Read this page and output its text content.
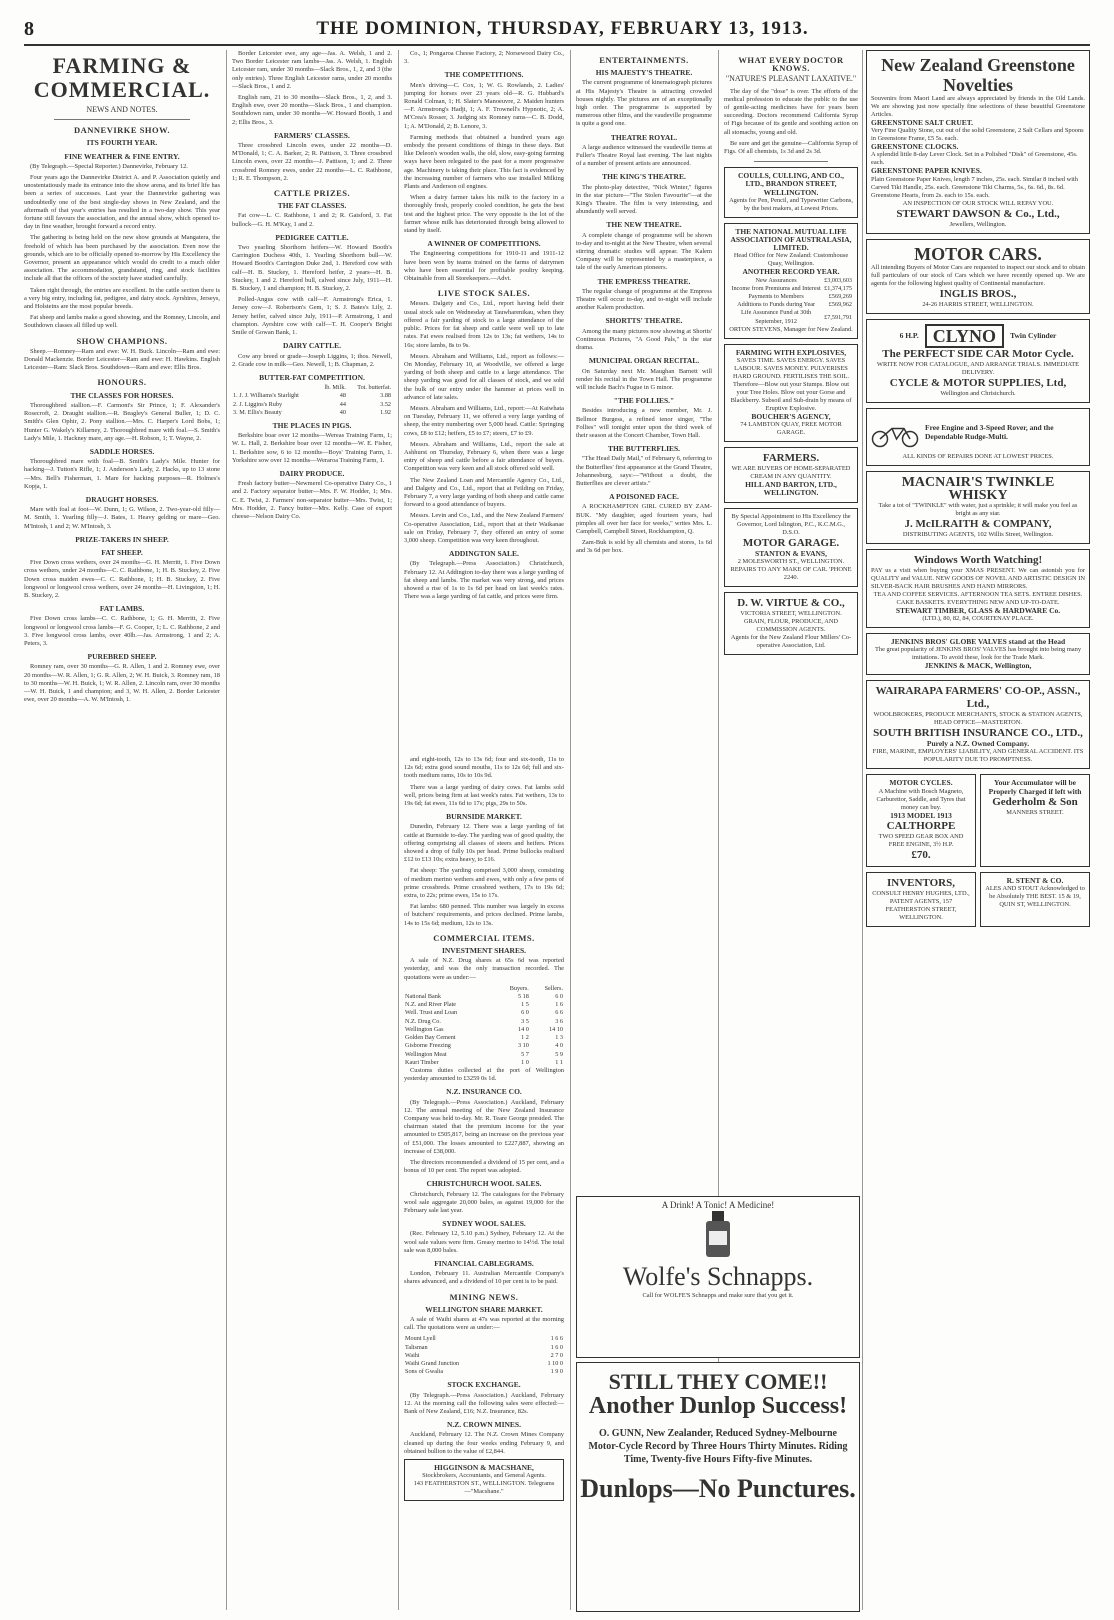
8	THE DOMINION, THURSDAY, FEBRUARY 13, 1913.
FARMING & COMMERCIAL.
NEWS AND NOTES.
DANNEVIRKE SHOW.
ITS FOURTH YEAR.
FINE WEATHER & FINE ENTRY.

(By Telegraph.—Special Reporter.) Dannevirke, February 12.

Four years ago the Dannevirke District A. and P. Association quietly and unostentatiously made its entrance into the show arena, and its brief life has been a series of successes. Last year the Dannevirke gathering was undoubtedly one of the best single-day shows in New Zealand, and the aftermath of that year's entries has resulted in a two-day show. This year fortune still favours the association, and the annual show, which opened to-day in fine weather, brought forward a record entry.

The gathering is being held on the new show grounds at Mangatera, the freehold of which has been purchased by the association. Even now the grounds, which are to be officially opened to-morrow by His Excellency the Governor, present an appearance which would do credit to a much older association. The accommodation, grandstand, ring, and stock facilities include all that the officers of the society have studied carefully.

Taken right through, the entries are excellent. In the cattle section there is a very big entry, including fat, pedigree, and dairy stock. Ayrshires, Jerseys, and Holsteins are the most popular breeds.

Fat sheep and lambs make a good showing, and the Romney, Lincoln, and Southdown classes all filled up well.

SHOW CHAMPIONS.

Sheep.—Romney—Ram and ewe: W. H. Buck. Lincoln—Ram and ewe: Donald Mackenzie. Border Leicester—Ram and ewe: H. Hawkins. English Leicester—Ram: Slack Bros. Southdown—Ram and ewe: Ellis Bros.

HONOURS.
THE CLASSES FOR HORSES.

Thoroughbred stallion.—F. Carmont's Sir Prince, 1; F. Alexander's Rosecroft, 2. Draught stallion.—R. Beagley's General Buller, 1; D. C. Smith's Glen Ophir, 2. Pony stallion.—Mrs. C. Harper's Lord Bobs, 1; Hunter G. Wakely's Killarney, 2. Thoroughbred mare with foal.—S. Smith's Lady's Mile, 1. Hackney mare, any age.—H. Robson, 1; T. Wayne, 2.

SADDLE HORSES.

Thoroughbred mare with foal—B. Smith's Lady's Mile. Hunter for hacking—J. Tutton's Rifle, 1; J. Anderson's Lady, 2. Hacks, up to 13 stone—Mrs. Bell's Fisherman, 1. Mare for hacking purposes—R. Holmes's Kopja, 1.

DRAUGHT HORSES.

Mare with foal at foot—W. Dunn, 1; G. Wilson, 2. Two-year-old filly—M. Smith, 1. Yearling filly—J. Bates, 1. Heavy gelding or mare—Geo. M'Intosh, 1 and 2; W. M'Intosh, 3.

PRIZE-TAKERS IN SHEEP.
FAT SHEEP.

Five Down cross wethers, over 24 months—G. H. Merritt, 1. Five Down cross wethers, under 24 months—C. C. Rathbone, 1; H. B. Stuckey, 2. Five Down cross maiden ewes—C. C. Rathbone, 1; H. B. Stuckey, 2. Five longwool or longwool cross wethers, over 24 months—H. Livingston, 1; H. B. Stuckey, 2.

FAT LAMBS.

Five Down cross lambs—C. C. Rathbone, 1; G. H. Merritt, 2. Five longwool or longwool cross lambs—F. G. Cooper, 1; L. C. Rathbone, 2 and 3. Five longwool cross lambs, over 40lb.—Jas. Armstrong, 1 and 2; A. Peters, 3.

PUREBRED SHEEP.

Romney ram, over 30 months—G. R. Allen, 1 and 2. Romney ewe, over 20 months—W. R. Allen, 1; G. R. Allen, 2; W. H. Buick, 3. Romney ram, 18 to 30 months—W. H. Buick, 1; W. R. Allen, 2. Lincoln ram, over 30 months—W. H. Buick, 1 and champion; and 3, W. H. Allen, 2. Border Leicester ewe, over 20 months—A. W. M'Intosh, 1.

Border Leicester ewe, any age—Jas. A. Welsh, 1 and 2. Two Border Leicester ram lambs—Jas. A. Welsh, 1. English Leicester ram, under 30 months—Slack Bros., 1, 2, and 3 (the only entries). Three English Leicester rams, under 20 months—Slack Bros., 1 and 2.

English ram, 21 to 30 months—Slack Bros., 1, 2, and 3. English ewe, over 20 months—Slack Bros., 1 and champion. Southdown ram, under 30 months—W. Howard Booth, 1 and 2; Ellis Bros., 3.

FARMERS' CLASSES.

Three crossbred Lincoln ewes, under 22 months—D. M'Donald, 1; C. A. Barker, 2; R. Pattison, 3. Three crossbred Lincoln ewes, over 22 months—J. Pattison, 1; and 2. Three crossbred Romney ewes, under 22 months—L. C. Rathbone, 1; R. E. Thompson, 2.

CATTLE PRIZES.
THE FAT CLASSES.

Fat cow—L. C. Rathbone, 1 and 2; R. Gaisford, 3. Fat bullock—G. H. M'Kay, 1 and 2.

PEDIGREE CATTLE.

Two yearling Shorthorn heifers—W. Howard Booth's Carrington Duchess 40th, 1. Yearling Shorthorn bull—W. Howard Booth's Carrington Duke 2nd, 1. Hereford cow with calf—H. B. Stuckey, 1. Hereford heifer, 2 years—H. B. Stuckey, 1 and 2. Hereford bull, calved since July, 1911—H. B. Stuckey, 1 and champion; H. B. Stuckey, 2.

Polled-Angus cow with calf—F. Armstrong's Erica, 1. Jersey cow—J. Robertson's Gem, 1; S. J. Bates's Lily, 2. Jersey heifer, calved since July, 1911—P. Armstrong, 1 and champion. Ayrshire cow with calf—T. H. Cooper's Bright Smile of Gowan Bank, 1.

DAIRY CATTLE.

Cow any breed or grade—Joseph Liggins, 1; thos. Newell, 2. Grade cow in milk—Geo. Newell, 1; B. Chapman, 2.

BUTTER-FAT COMPETITION.
	lb. Milk.	Tot. butterfat.
1. J. J. Williams's Starlight	48	3.88
2. J. Liggins's Ruby	44	3.52
3. M. Ellis's Beauty	40	1.92
THE PLACES IN PIGS.

Berkshire boar over 12 months—Wereas Training Farm, 1; W. L. Hall, 2. Berkshire boar over 12 months—W. E. Fisher, 1. Berkshire sow, 6 to 12 months—Boys' Training Farm, 1. Yorkshire sow over 12 months—Weraroa Training Farm, 1.

DAIRY PRODUCE.

Fresh factory butter—Newmerel Co-operative Dairy Co., 1 and 2. Factory separator butter—Mrs. F. W. Hodder, 1; Mrs. C. E. Twist, 2. Farmers' non-separator butter—Mrs. Twist, 1; Mrs. Hodder, 2. Fancy butter—Mrs. Kelly. Case of export cheese—Nelson Dairy Co.

Co., 1; Pongaroa Cheese Factory, 2; Norsewood Dairy Co., 3.

THE COMPETITIONS.

Men's driving—C. Cox, 1; W. G. Rowlands, 2. Ladies' jumping for horses over 23 years old—R. G. Hubbard's Ronald Colman, 1; H. Slater's Manoeuvre, 2. Maiden hunters—F. Armstrong's Hadji, 1; A. F. Trownell's Hypnotic, 2; A. M'Crea's Rosser, 3. Judging six Romney rams—C. B. Dodd, 1; A. M'Donald, 2; B. Lenore, 3.

Farming methods that obtained a hundred years ago embody the present conditions of things in these days. But like Deleon's wooden walls, the old, slow, easy-going farming ways have been relegated to the past for a more progressive age. Machinery is taking their place. This fact is evidenced by the increasing number of farmers who use installed Milking Plants and Anderson oil engines.

When a dairy farmer takes his milk to the factory in a thoroughly fresh, properly cooled condition, he gets the best test and the highest price. The very opposite is the lot of the farmer whose milk has deteriorated through being allowed to stand by itself.

A WINNER OF COMPETITIONS.

The Engineering competitions for 1910-11 and 1911-12 have been won by teams trained on the farms of dairymen who have been essential for profitable poultry keeping. Obtainable from all Storekeepers.—Advt.

LIVE STOCK SALES.

Messrs. Dalgety and Co., Ltd., report having held their usual stock sale on Wednesday at Tauwharenikau, when they offered a fair yarding of stock to a large attendance of the public. Prices for fat sheep and cattle were well up to late rates. Fat ewes realised from 12s to 13s; fat wethers, 14s to 16s; store lambs, 8s to 9s.

Messrs. Abraham and Williams, Ltd., report as follows:—On Monday, February 10, at Woodville, we offered a large yarding of both sheep and cattle to a large attendance. The sheep yarding was good for all classes of stock, and we sold the bulk of our entry under the hammer at prices well in advance of late sales.

Messrs. Abraham and Williams, Ltd., report:—At Kaiwhata on Tuesday, February 11, we offered a very large yarding of sheep, the entry numbering over 5,000 head. Cattle: Springing cows, £8 to £12; heifers, £5 to £7; steers, £7 to £9.

Messrs. Abraham and Williams, Ltd., report the sale at Ashhurst on Thursday, February 6, when there was a large entry of sheep and cattle before a fair attendance of buyers. Competition was very keen and all stock offered sold well.

The New Zealand Loan and Mercantile Agency Co., Ltd., and Dalgety and Co., Ltd., report that at Feilding on Friday, February 7, a very large yarding of both sheep and cattle came forward to a good attendance of buyers.

Messrs. Levin and Co., Ltd., and the New Zealand Farmers' Co-operative Association, Ltd., report that at their Waikanae sale on Friday, February 7, they offered an entry of some 3,000 sheep. Competition was very keen throughout.

ADDINGTON SALE.

(By Telegraph.—Press Association.) Christchurch, February 12. At Addington to-day there was a large yarding of fat sheep and lambs. The market was very strong, and prices showed a rise of 1s to 1s 6d per head on last week's rates. There was a large yarding of fat cattle, and prices were firm.

and eight-tooth, 12s to 13s 6d; four and six-tooth, 11s to 12s 6d; extra good sound mouths, 11s to 12s 6d; full and six-tooth medium rams, 10s to 10s 9d.

There was a large yarding of dairy cows. Fat lambs sold well, prices being firm at last week's rates. Fat wethers, 13s to 19s 6d; fat ewes, 11s 6d to 17s; pigs, 29s to 50s.

BURNSIDE MARKET.

Dunedin, February 12. There was a large yarding of fat cattle at Burnside to-day. The yarding was of good quality, the offering comprising all classes of steers and heifers. Prices showed a drop of fully 10s per head. Prime bullocks realised £12 to £13 10s; extra heavy, to £16.

Fat sheep: The yarding comprised 3,000 sheep, consisting of medium merino wethers and ewes, with only a few pens of prime crossbreds. Prime crossbred wethers, 17s to 19s 6d; extra, to 22s; prime ewes, 15s to 17s.

Fat lambs: 680 penned. This number was largely in excess of butchers' requirements, and prices declined. Prime lambs, 14s to 15s 6d; medium, 12s to 13s.

COMMERCIAL ITEMS.
INVESTMENT SHARES.

A sale of N.Z. Drug shares at 65s 6d was reported yesterday, and was the only transaction recorded. The quotations were as under:—

	Buyers.	Sellers.
National Bank	5 18	6 0
N.Z. and River Plate	1 5	1 6
Well. Trust and Loan	6 0	6 6
N.Z. Drug Co.	3 5	3 6
Wellington Gas	14 0	14 10
Golden Bay Cement	1 2	1 3
Gisborne Freezing	3 10	4 0
Wellington Meat	5 7	5 9
Kauri Timber	1 0	1 1

Customs duties collected at the port of Wellington yesterday amounted to £3259 0s 1d.

N.Z. INSURANCE CO.

(By Telegraph.—Press Association.) Auckland, February 12. The annual meeting of the New Zealand Insurance Company was held to-day. Mr. R. Teare George presided. The chairman stated that the premium income for the year amounted to £505,817, being an increase on the previous year of £51,000. The losses amounted to £227,887, showing an increase of £38,000.

The directors recommended a dividend of 15 per cent, and a bonus of 10 per cent. The report was adopted.

CHRISTCHURCH WOOL SALES.

Christchurch, February 12. The catalogues for the February wool sale aggregate 20,000 bales, as against 19,000 for the February sale last year.

SYDNEY WOOL SALES.

(Rec. February 12, 5.10 p.m.) Sydney, February 12. At the wool sale values were firm. Greasy merino to 14½d. The total sale was 8,000 bales.

FINANCIAL CABLEGRAMS.

London, February 11. Australian Mercantile Company's shares advanced, and a dividend of 10 per cent is to be paid.

MINING NEWS.
WELLINGTON SHARE MARKET.

A sale of Waihi shares at 47s was reported at the morning call. The quotations were as under:—

Mount Lyell	1 6 6
Talisman	1 6 0
Waihi	2 7 0
Waihi Grand Junction	1 10 0
Sons of Gwalia	1 9 0
STOCK EXCHANGE.

(By Telegraph.—Press Association.) Auckland, February 12. At the morning call the following sales were effected:—Bank of New Zealand, £16; N.Z. Insurance, 82s.

N.Z. CROWN MINES.

Auckland, February 12. The N.Z. Crown Mines Company cleaned up during the four weeks ending February 9, and obtained bullion to the value of £2,844.

HIGGINSON & MACSHANE,
Stockbrokers, Accountants, and General Agents.
143 FEATHERSTON ST., WELLINGTON. Telegrams—"Macshane."
WHAT EVERY DOCTOR KNOWS.
"NATURE'S PLEASANT LAXATIVE."

The day of the "dose" is over. The efforts of the medical profession to educate the public to the use of gentle-acting medicines have for years been succeeding. Doctors recommend California Syrup of Figs because of its gentle and soothing action on all stomachs, young and old.

Be sure and get the genuine—California Syrup of Figs. Of all chemists, 1s 3d and 2s 3d.

COULLS, CULLING, AND CO., LTD., BRANDON STREET, WELLINGTON.
Agents for Pen, Pencil, and Typewriter Carbons, by the best makers, at Lowest Prices.
THE NATIONAL MUTUAL LIFE ASSOCIATION OF AUSTRALASIA, LIMITED.
Head Office for New Zealand: Customhouse Quay, Wellington.
ANOTHER RECORD YEAR.
New Assurances	£3,003,603
Income from Premiums and Interest	£1,374,175
Payments to Members	£569,269
Additions to Funds during Year	£569,962
Life Assurance Fund at 30th September, 1912	£7,591,791
ORTON STEVENS, Manager for New Zealand.
FARMING WITH EXPLOSIVES,
SAVES TIME. SAVES ENERGY. SAVES LABOUR. SAVES MONEY. PULVERISES HARD GROUND. FERTILISES THE SOIL.
Therefore—Blow out your Stumps. Blow out your Tree Holes. Blow out your Gorse and Blackberry. Subsoil and Sub-drain by means of Eruptive Explosive.
BOUCHER'S AGENCY,
74 LAMBTON QUAY, FREE MOTOR GARAGE.
FARMERS.
WE ARE BUYERS OF HOME-SEPARATED CREAM IN ANY QUANTITY.
HILL AND BARTON, LTD., WELLINGTON.
By Special Appointment to His Excellency the Governor, Lord Islington, P.C., K.C.M.G., D.S.O.
MOTOR GARAGE.
STANTON & EVANS,
2 MOLESWORTH ST., WELLINGTON. REPAIRS TO ANY MAKE OF CAR. 'PHONE 2240.
D. W. VIRTUE & CO.,
VICTORIA STREET, WELLINGTON. GRAIN, FLOUR, PRODUCE, AND COMMISSION AGENTS.
Agents for the New Zealand Flour Millers' Co-operative Association, Ltd.
New Zealand Greenstone Novelties
Souvenirs from Maori Land are always appreciated by friends in the Old Lands. We are showing just now specially fine selections of these beautiful Greenstone Articles.
GREENSTONE SALT CRUET.
Very Fine Quality Stone, cut out of the solid Greenstone, 2 Salt Cellars and Spoons in Greenstone Frame, £5 5s. each.
GREENSTONE CLOCKS.
A splendid little 8-day Lever Clock. Set in a Polished "Disk" of Greenstone, 45s. each.
GREENSTONE PAPER KNIVES.
Plain Greenstone Paper Knives, length 7 inches, 25s. each. Similar 8 inched with Carved Tiki Handle, 25s. each. Greenstone Tiki Charms, 5s., 6s. 6d., 8s. 6d. Greenstone Hearts, from 2s. each to 15s. each.
AN INSPECTION OF OUR STOCK WILL REPAY YOU.
STEWART DAWSON & Co., Ltd.,
Jewellers, Wellington.
MOTOR CARS.
All intending Buyers of Motor Cars are requested to inspect our stock and to obtain full particulars of our stock of Cars which we have recently opened up. We are agents for the following highest quality of Continental manufacture.
INGLIS BROS.,
24-26 HARRIS STREET, WELLINGTON.
6 H.P. CLYNO	Twin Cylinder
The PERFECT SIDE CAR Motor Cycle.
WRITE NOW FOR CATALOGUE, AND ARRANGE TRIALS. IMMEDIATE DELIVERY.
CYCLE & MOTOR SUPPLIES, Ltd,
Wellington and Christchurch.
Free Engine and 3-Speed Rover, and the Dependable Rudge-Multi.
ALL KINDS OF REPAIRS DONE AT LOWEST PRICES.
MACNAIR'S TWINKLE WHISKY
Take a tot of "TWINKLE" with water, just a sprinkle; it will make you feel as bright as any star.
J. McILRAITH & COMPANY,
DISTRIBUTING AGENTS, 102 Willis Street, Wellington.
Windows Worth Watching!
PAY us a visit when buying your XMAS PRESENT. We can astonish you for QUALITY and VALUE. NEW GOODS OF NOVEL AND ARTISTIC DESIGN IN SILVER-BACK HAIR BRUSHES AND HAND MIRRORS.
TEA AND COFFEE SERVICES. AFTERNOON TEA SETS. ENTREE DISHES. CAKE BASKETS. EVERYTHING NEW AND UP-TO-DATE.
STEWART TIMBER, GLASS & HARDWARE Co.
(LTD.), 80, 82, 84, COURTENAY PLACE.
JENKINS BROS' GLOBE VALVES stand at the Head
The great popularity of JENKINS BROS' VALVES has brought into being many imitations. To avoid these, look for the Trade Mark.
JENKINS & MACK, Wellington,
WAIRARAPA FARMERS' CO-OP., ASSN., Ltd.,
WOOLBROKERS, PRODUCE MERCHANTS, STOCK & STATION AGENTS, HEAD OFFICE—MASTERTON.
SOUTH BRITISH INSURANCE CO., LTD.,
Purely a N.Z. Owned Company.
FIRE, MARINE, EMPLOYERS' LIABILITY, AND GENERAL ACCIDENT. ITS POPULARITY DUE TO PROMPTNESS.
MOTOR CYCLES.
A Machine with Bosch Magneto, Carburettor, Saddle, and Tyres that money can buy.
1913 MODEL 1913
CALTHORPE
TWO SPEED GEAR BOX AND FREE ENGINE, 3½ H.P.
£70.
Your Accumulator will be Properly Charged if left with
Gederholm & Son
MANNERS STREET.
INVENTORS,
CONSULT HENRY HUGHES, LTD., PATENT AGENTS, 157 FEATHERSTON STREET, WELLINGTON.
R. STENT & CO.
ALES AND STOUT Acknowledged to be Absolutely THE BEST. 15 & 19, QUIN ST, WELLINGTON.
A Drink! A Tonic! A Medicine!
Wolfe's Schnapps.
Call for WOLFE'S Schnapps and make sure that you get it.
STILL THEY COME!!
Another Dunlop Success!
O. GUNN, New Zealander, Reduced Sydney-Melbourne Motor-Cycle Record by Three Hours Thirty Minutes. Riding Time, Twenty-five Hours Fifty-five Minutes.
Dunlops—No Punctures.
ENTERTAINMENTS.
HIS MAJESTY'S THEATRE.

The current programme of kinematograph pictures at His Majesty's Theatre is attracting crowded houses nightly. The pictures are of an exceptionally high order. The programme is supported by numerous other films, and the vaudeville programme is quite a good one.

THEATRE ROYAL.

A large audience witnessed the vaudeville items at Fuller's Theatre Royal last evening. The last nights of a number of present artists are announced.

THE KING'S THEATRE.

The photo-play detective, "Nick Winter," figures in the star picture—"The Stolen Favourite"—at the King's Theatre. The film is very interesting, and abundantly well served.

THE NEW THEATRE.

A complete change of programme will be shown to-day and to-night at the New Theatre, when several stirring dramatic studies will appear. The Kalem Company will be represented by a masterpiece, a tale of the early American pioneers.

THE EMPRESS THEATRE.

The regular change of programme at the Empress Theatre will occur to-day, and to-night will include another Kalem production.

SHORTTS' THEATRE.

Among the many pictures now showing at Shortts' Continuous Pictures, "A Good Pals," is the star drama.

MUNICIPAL ORGAN RECITAL.

On Saturday next Mr. Maughan Barnett will render his recital in the Town Hall. The programme will include Bach's Fugue in G minor.

"THE FOLLIES."

Besides introducing a new member, Mr. J. Bellmor Burgess, a refined tenor singer, "The Follies" will tonight enter upon the third week of their season at the Concert Chamber, Town Hall.

THE BUTTERFLIES.

"The Head Daily Mail," of February 6, referring to the Butterflies' first appearance at the Grand Theatre, Johannesburg, says:—"Without a doubt, the Butterflies are clever artists."

A POISONED FACE.

A ROCKHAMPTON GIRL CURED BY ZAM-BUK. "My daughter, aged fourteen years, had pimples all over her face for weeks," writes Mrs. L. Campbell, Campbell Street, Rockhampton, Q.

Zam-Buk is sold by all chemists and stores, 1s 6d and 3s 6d per box.
